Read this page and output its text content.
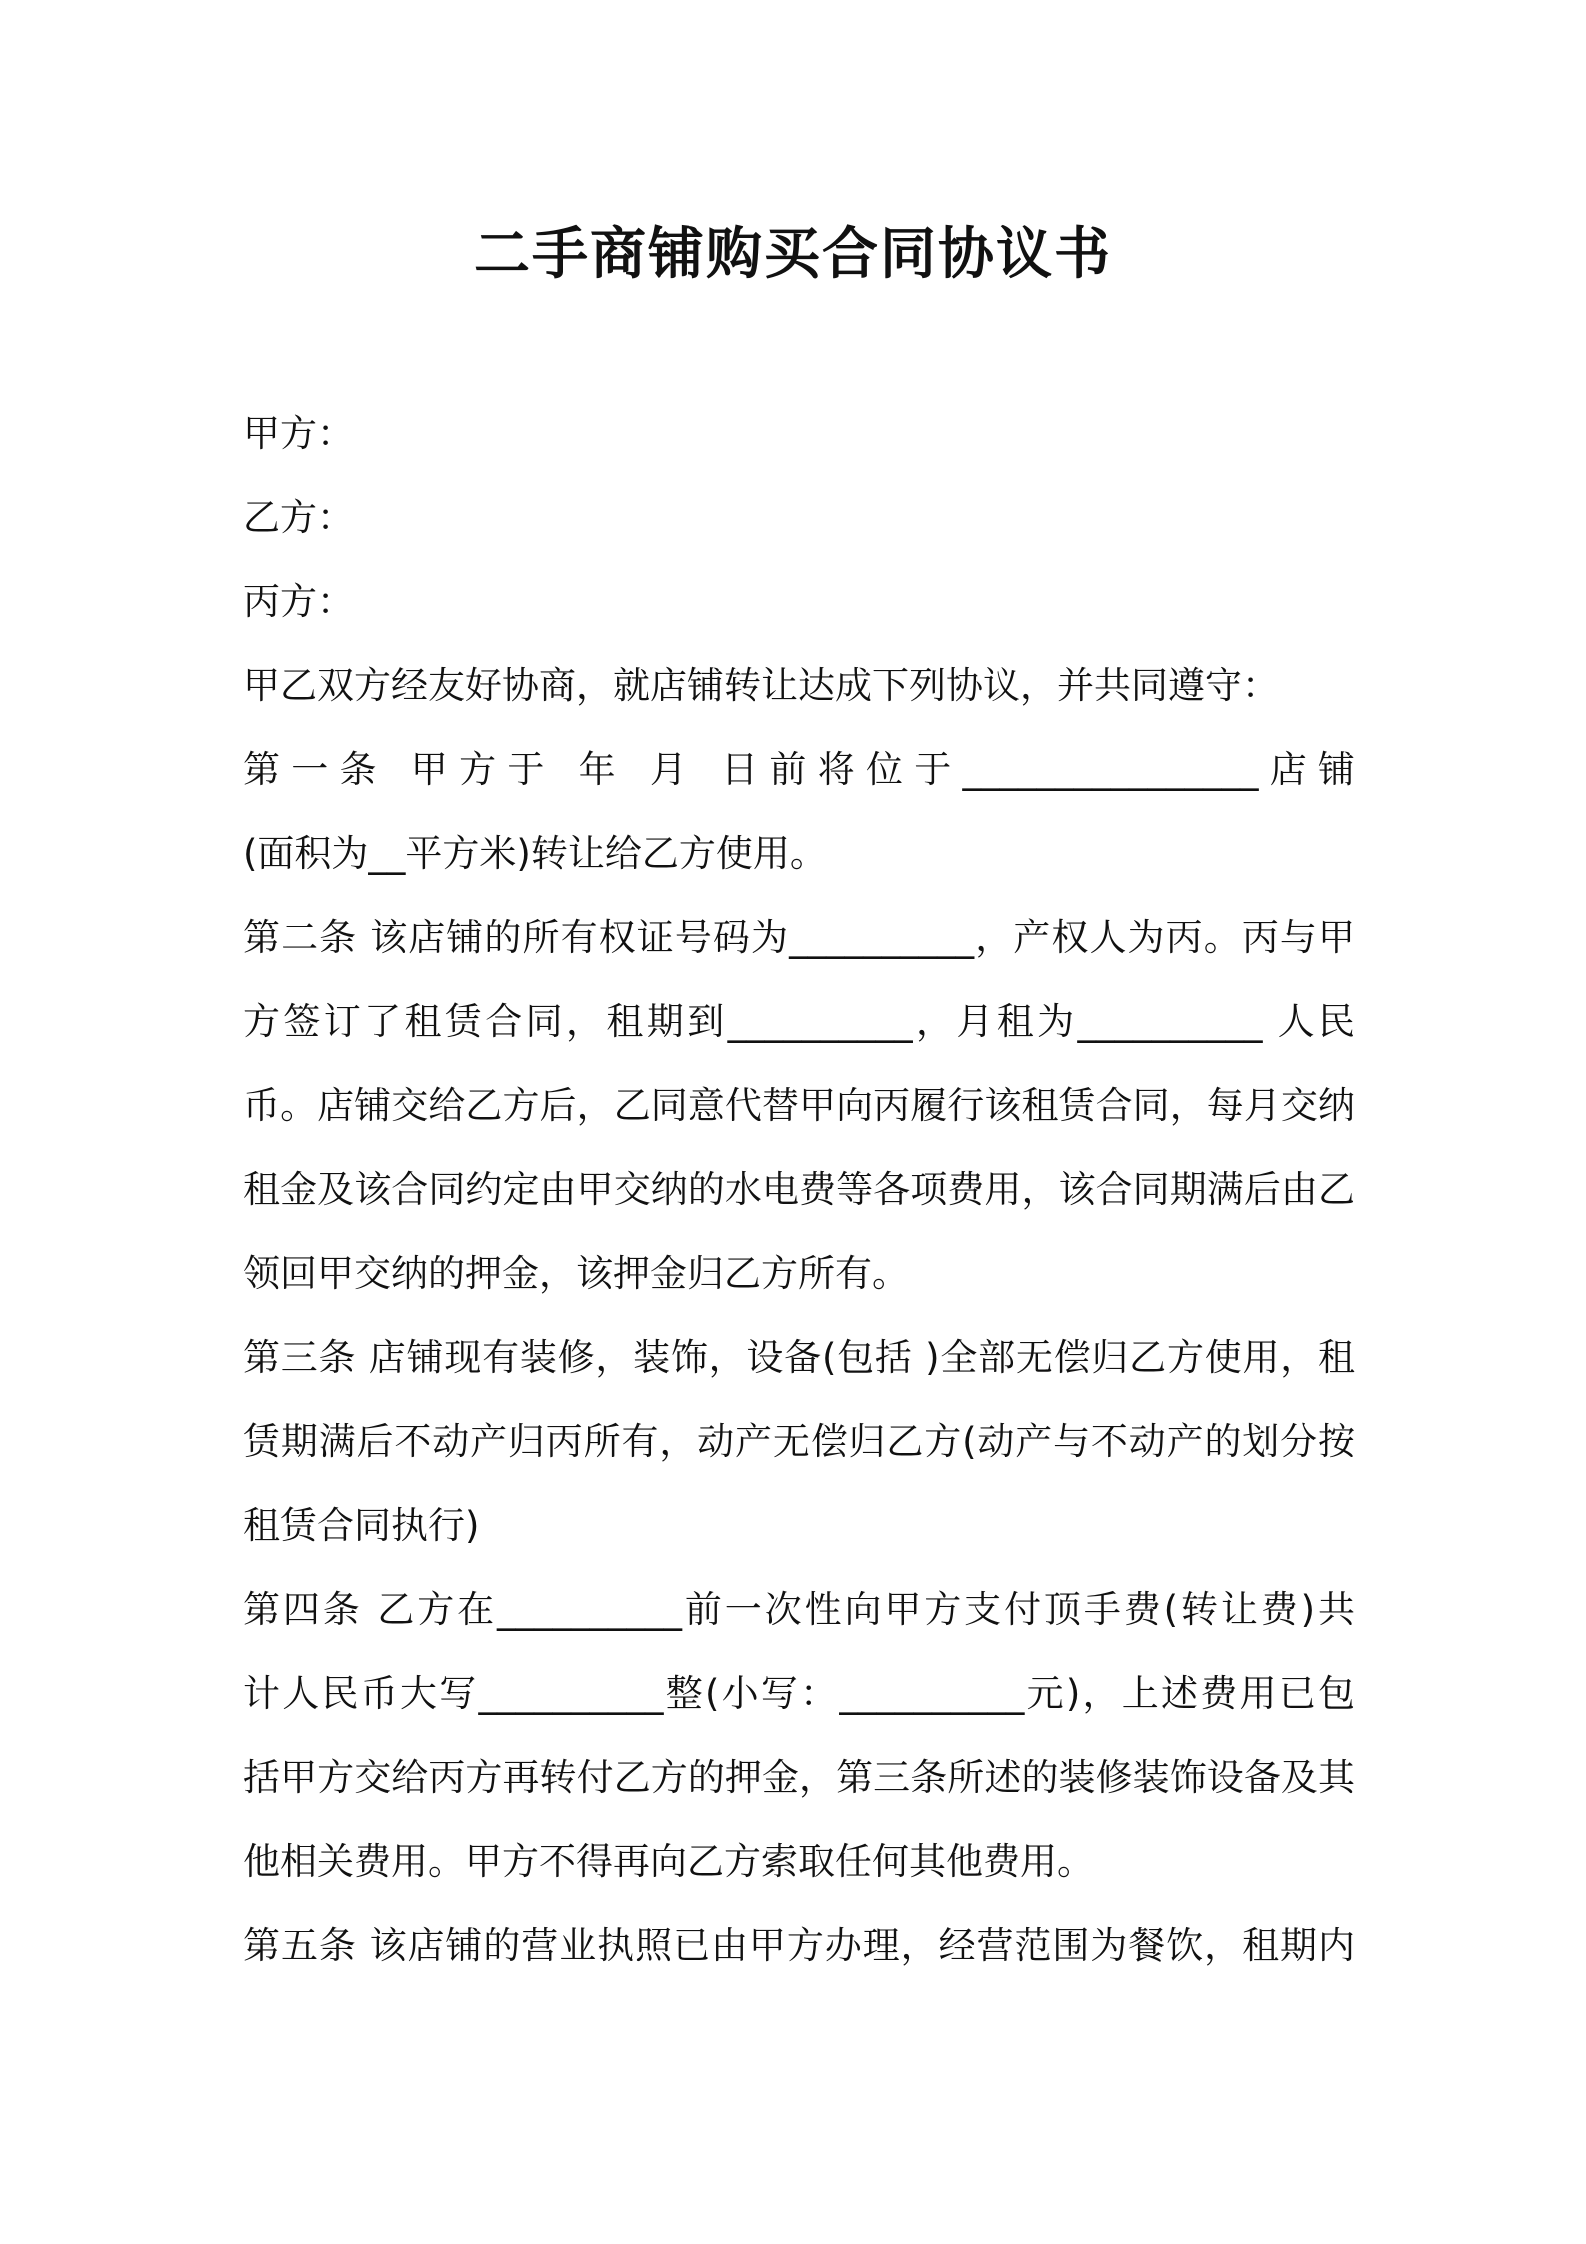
二手商铺购买合同协议书
甲方：
乙方：
丙方：
甲乙双方经友好协商，就店铺转让达成下列协议，并共同遵守：
第一条 甲方于 年 月 日前将位于________________店铺
(面积为__平方米)转让给乙方使用。
第二条 该店铺的所有权证号码为__________，产权人为丙。丙与甲
方签订了租赁合同，租期到__________，月租为__________ 人民
币。店铺交给乙方后，乙同意代替甲向丙履行该租赁合同，每月交纳
租金及该合同约定由甲交纳的水电费等各项费用，该合同期满后由乙
领回甲交纳的押金，该押金归乙方所有。
第三条 店铺现有装修，装饰，设备(包括 )全部无偿归乙方使用，租
赁期满后不动产归丙所有，动产无偿归乙方(动产与不动产的划分按
租赁合同执行)
第四条 乙方在__________前一次性向甲方支付顶手费(转让费)共
计人民币大写__________整(小写：__________元)，上述费用已包
括甲方交给丙方再转付乙方的押金，第三条所述的装修装饰设备及其
他相关费用。甲方不得再向乙方索取任何其他费用。
第五条 该店铺的营业执照已由甲方办理，经营范围为餐饮，租期内
